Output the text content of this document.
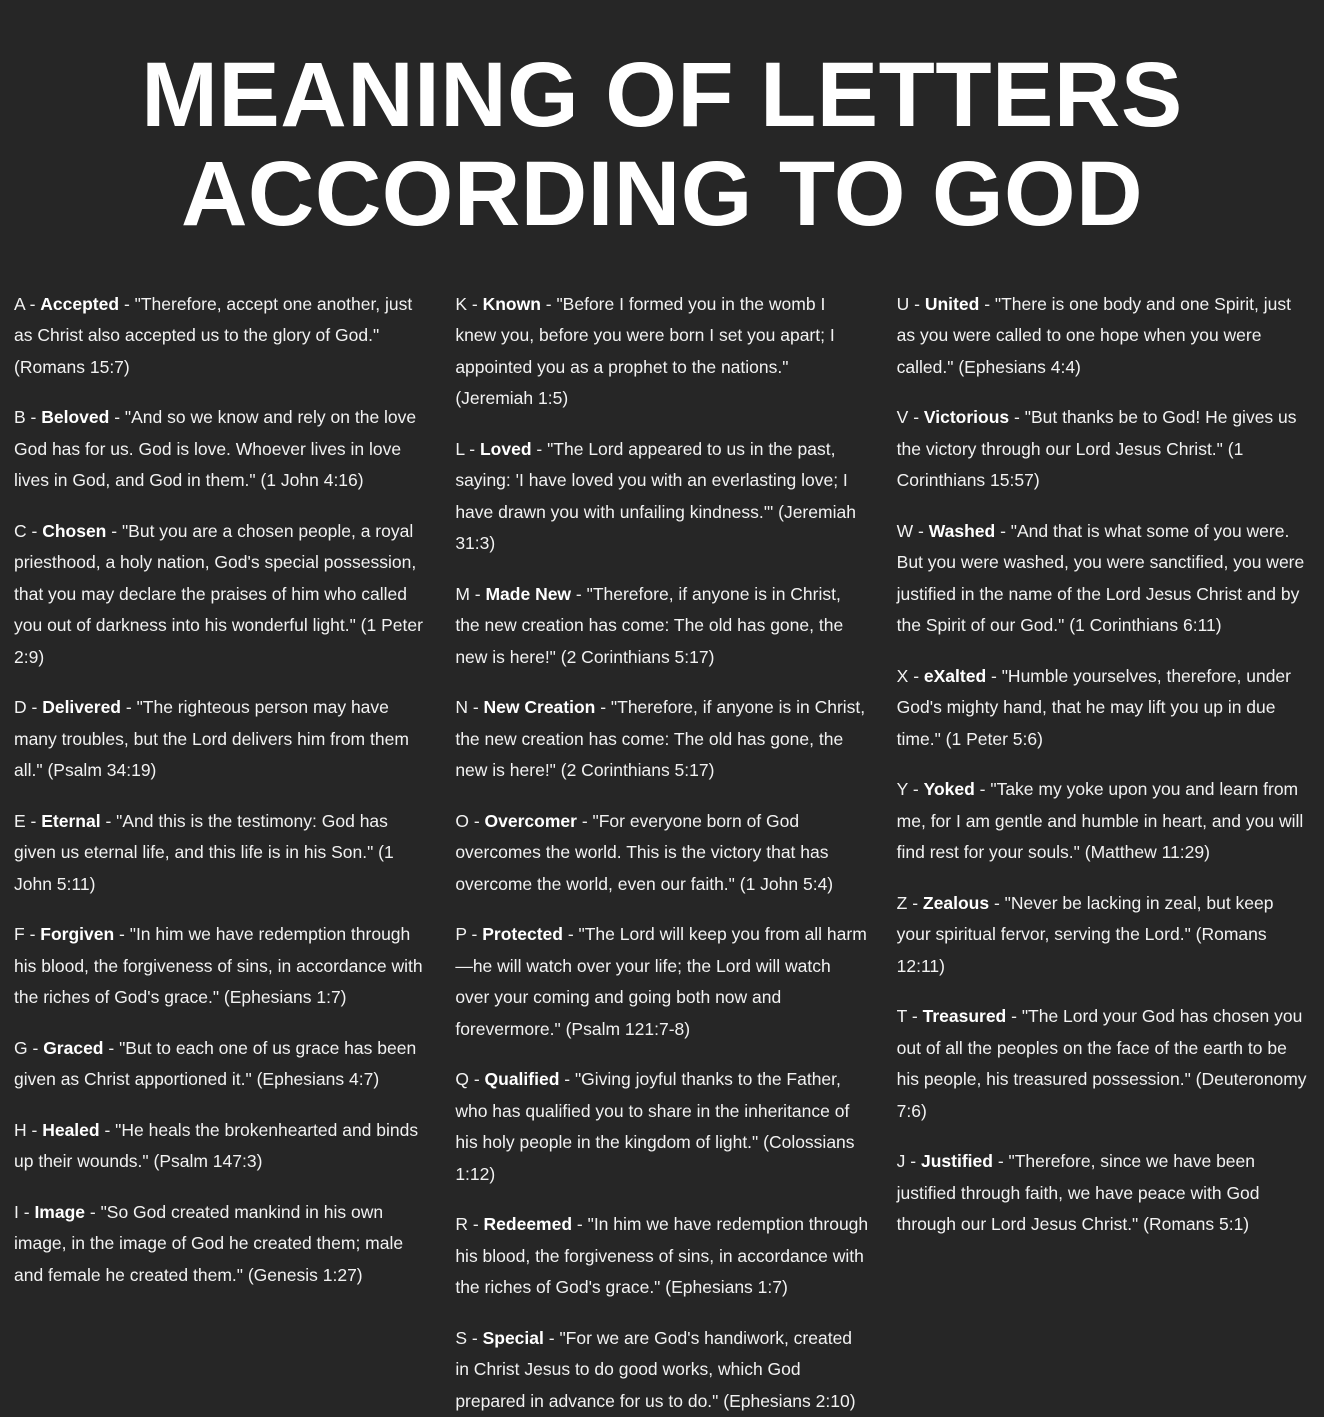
MEANING OF LETTERS
ACCORDING TO GOD

A - Accepted - "Therefore, accept one another, just as Christ also accepted us to the glory of God." (Romans 15:7)

B - Beloved - "And so we know and rely on the love God has for us. God is love. Whoever lives in love lives in God, and God in them." (1 John 4:16)

C - Chosen - "But you are a chosen people, a royal priesthood, a holy nation, God's special possession, that you may declare the praises of him who called you out of darkness into his wonderful light." (1 Peter 2:9)

D - Delivered - "The righteous person may have many troubles, but the Lord delivers him from them all." (Psalm 34:19)

E - Eternal - "And this is the testimony: God has given us eternal life, and this life is in his Son." (1 John 5:11)

F - Forgiven - "In him we have redemption through his blood, the forgiveness of sins, in accordance with the riches of God's grace." (Ephesians 1:7)

G - Graced - "But to each one of us grace has been given as Christ apportioned it." (Ephesians 4:7)

H - Healed - "He heals the brokenhearted and binds up their wounds." (Psalm 147:3)

I - Image - "So God created mankind in his own image, in the image of God he created them; male and female he created them." (Genesis 1:27)

K - Known - "Before I formed you in the womb I knew you, before you were born I set you apart; I appointed you as a prophet to the nations." (Jeremiah 1:5)

L - Loved - "The Lord appeared to us in the past, saying: 'I have loved you with an everlasting love; I have drawn you with unfailing kindness.'" (Jeremiah 31:3)

M - Made New - "Therefore, if anyone is in Christ, the new creation has come: The old has gone, the new is here!" (2 Corinthians 5:17)

N - New Creation - "Therefore, if anyone is in Christ, the new creation has come: The old has gone, the new is here!" (2 Corinthians 5:17)

O - Overcomer - "For everyone born of God overcomes the world. This is the victory that has overcome the world, even our faith." (1 John 5:4)

P - Protected - "The Lord will keep you from all harm—he will watch over your life; the Lord will watch over your coming and going both now and forevermore." (Psalm 121:7-8)

Q - Qualified - "Giving joyful thanks to the Father, who has qualified you to share in the inheritance of his holy people in the kingdom of light." (Colossians 1:12)

R - Redeemed - "In him we have redemption through his blood, the forgiveness of sins, in accordance with the riches of God's grace." (Ephesians 1:7)

S - Special - "For we are God's handiwork, created in Christ Jesus to do good works, which God prepared in advance for us to do." (Ephesians 2:10)

U - United - "There is one body and one Spirit, just as you were called to one hope when you were called." (Ephesians 4:4)

V - Victorious - "But thanks be to God! He gives us the victory through our Lord Jesus Christ." (1 Corinthians 15:57)

W - Washed - "And that is what some of you were. But you were washed, you were sanctified, you were justified in the name of the Lord Jesus Christ and by the Spirit of our God." (1 Corinthians 6:11)

X - eXalted - "Humble yourselves, therefore, under God's mighty hand, that he may lift you up in due time." (1 Peter 5:6)

Y - Yoked - "Take my yoke upon you and learn from me, for I am gentle and humble in heart, and you will find rest for your souls." (Matthew 11:29)

Z - Zealous - "Never be lacking in zeal, but keep your spiritual fervor, serving the Lord." (Romans 12:11)

T - Treasured - "The Lord your God has chosen you out of all the peoples on the face of the earth to be his people, his treasured possession." (Deuteronomy 7:6)

J - Justified - "Therefore, since we have been justified through faith, we have peace with God through our Lord Jesus Christ." (Romans 5:1)
